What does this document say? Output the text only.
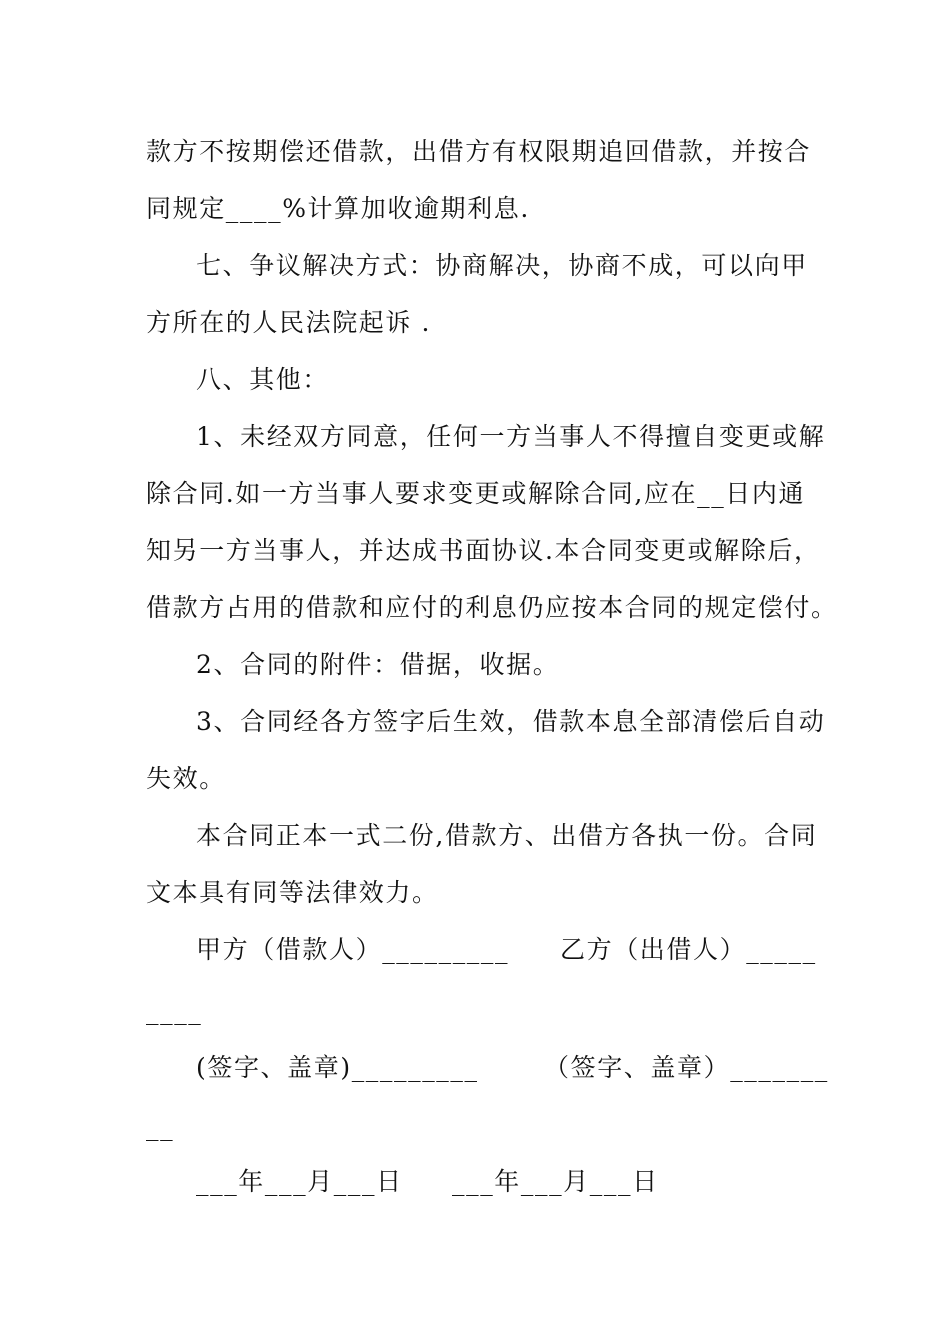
款方不按期偿还借款，出借方有权限期追回借款，并按合
同规定____%计算加收逾期利息.
七、争议解决方式：协商解决，协商不成，可以向甲
方所在的人民法院起诉 .
八、其他：
1、未经双方同意，任何一方当事人不得擅自变更或解
除合同.如一方当事人要求变更或解除合同,应在__日内通
知另一方当事人，并达成书面协议.本合同变更或解除后，
借款方占用的借款和应付的利息仍应按本合同的规定偿付。
2、合同的附件：借据，收据。
3、合同经各方签字后生效，借款本息全部清偿后自动
失效。
本合同正本一式二份,借款方、出借方各执一份。合同
文本具有同等法律效力。
甲方（借款人）_________ 乙方（出借人）_____
____
(签字、盖章)_________	（签字、盖章）_______
__
___年___月___日 ___年___月___日
